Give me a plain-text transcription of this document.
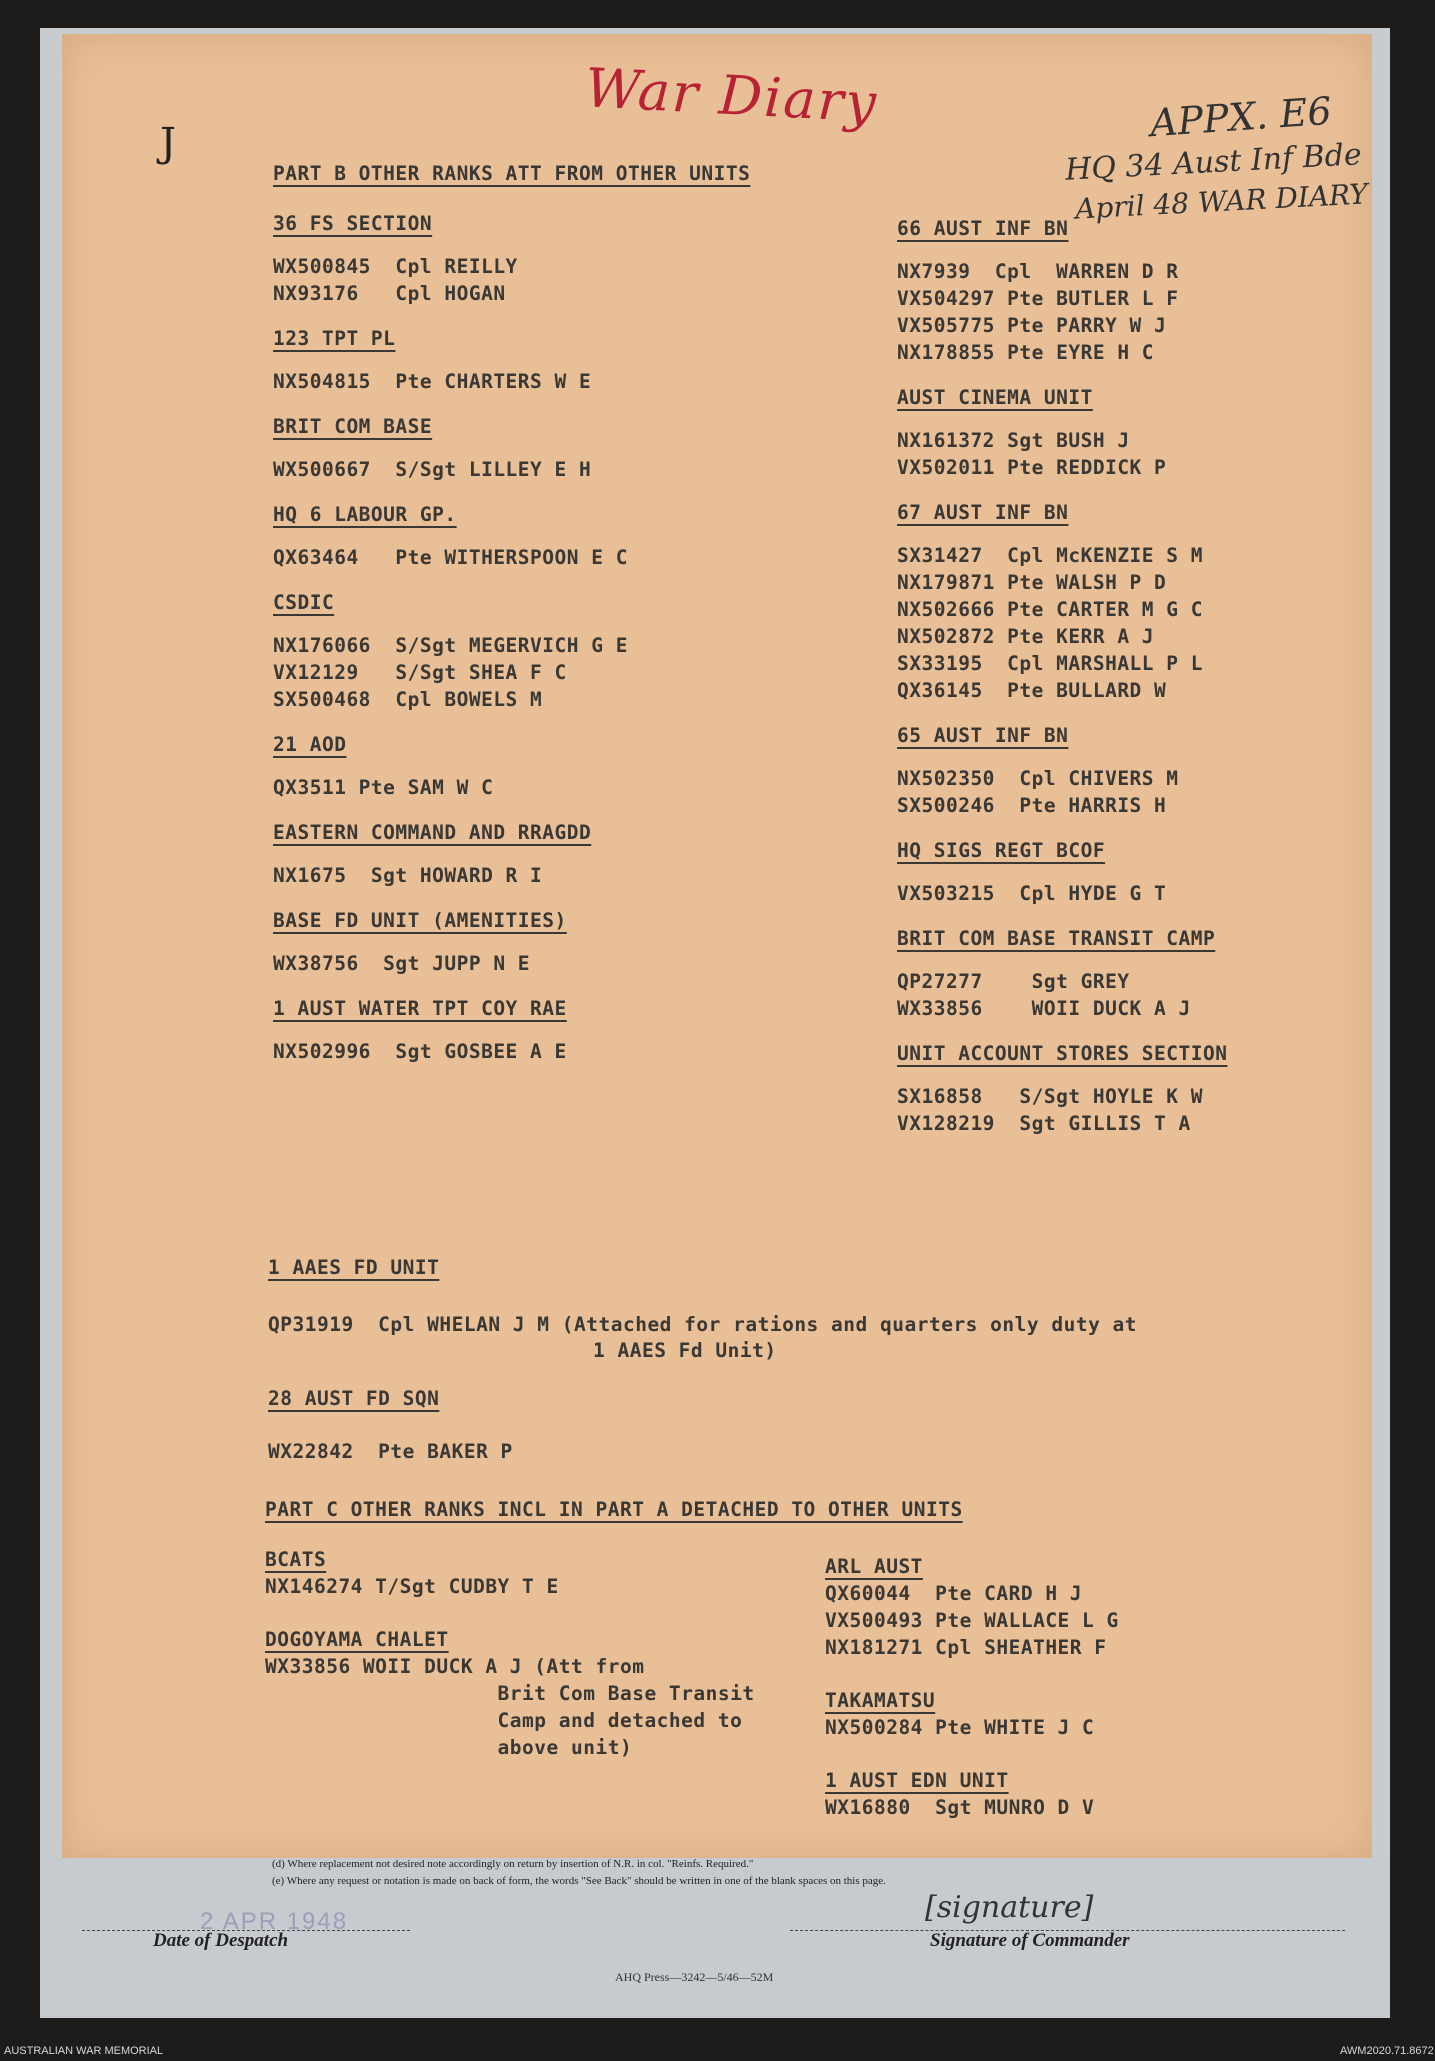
J
War Diary	APPX. E6
HQ 34 Aust Inf Bde
April 48 WAR DIARY
PART B OTHER RANKS ATT FROM OTHER UNITS
36 FS SECTION
WX500845  Cpl REILLY
NX93176   Cpl HOGAN
123 TPT PL
NX504815  Pte CHARTERS W E
BRIT COM BASE
WX500667  S/Sgt LILLEY E H
HQ 6 LABOUR GP.
QX63464   Pte WITHERSPOON E C
CSDIC
NX176066  S/Sgt MEGERVICH G E
VX12129   S/Sgt SHEA F C
SX500468  Cpl BOWELS M
21 AOD
QX3511 Pte SAM W C
EASTERN COMMAND AND RRAGDD
NX1675  Sgt HOWARD R I
BASE FD UNIT (AMENITIES)
WX38756  Sgt JUPP N E
1 AUST WATER TPT COY RAE
NX502996  Sgt GOSBEE A E
66 AUST INF BN
NX7939  Cpl  WARREN D R
VX504297 Pte BUTLER L F
VX505775 Pte PARRY W J
NX178855 Pte EYRE H C
AUST CINEMA UNIT
NX161372 Sgt BUSH J
VX502011 Pte REDDICK P
67 AUST INF BN
SX31427  Cpl McKENZIE S M
NX179871 Pte WALSH P D
NX502666 Pte CARTER M G C
NX502872 Pte KERR A J
SX33195  Cpl MARSHALL P L
QX36145  Pte BULLARD W
65 AUST INF BN
NX502350  Cpl CHIVERS M
SX500246  Pte HARRIS H
HQ SIGS REGT BCOF
VX503215  Cpl HYDE G T
BRIT COM BASE TRANSIT CAMP
QP27277    Sgt GREY
WX33856    WOII DUCK A J
UNIT ACCOUNT STORES SECTION
SX16858   S/Sgt HOYLE K W
VX128219  Sgt GILLIS T A
1 AAES FD UNIT
QP31919  Cpl WHELAN J M (Attached for rations and quarters only duty at
1 AAES Fd Unit)
28 AUST FD SQN
WX22842  Pte BAKER P
PART C OTHER RANKS INCL IN PART A DETACHED TO OTHER UNITS
BCATS
NX146274 T/Sgt CUDBY T E
DOGOYAMA CHALET
WX33856 WOII DUCK A J (Att from
Brit Com Base Transit
Camp and detached to
above unit)
ARL AUST
QX60044  Pte CARD H J
VX500493 Pte WALLACE L G
NX181271 Cpl SHEATHER F
TAKAMATSU
NX500284 Pte WHITE J C
1 AUST EDN UNIT
WX16880  Sgt MUNRO D V
(d) Where replacement not desired note accordingly on return by insertion of N.R. in col. "Reinfs. Required."
(e) Where any request or notation is made on back of form, the words "See Back" should be written in one of the blank spaces on this page.
2 APR 1948	[signature]
Date of Despatch	Signature of Commander
AHQ Press—3242—5/46—52M
AUSTRALIAN WAR MEMORIAL	AWM2020.71.8672
